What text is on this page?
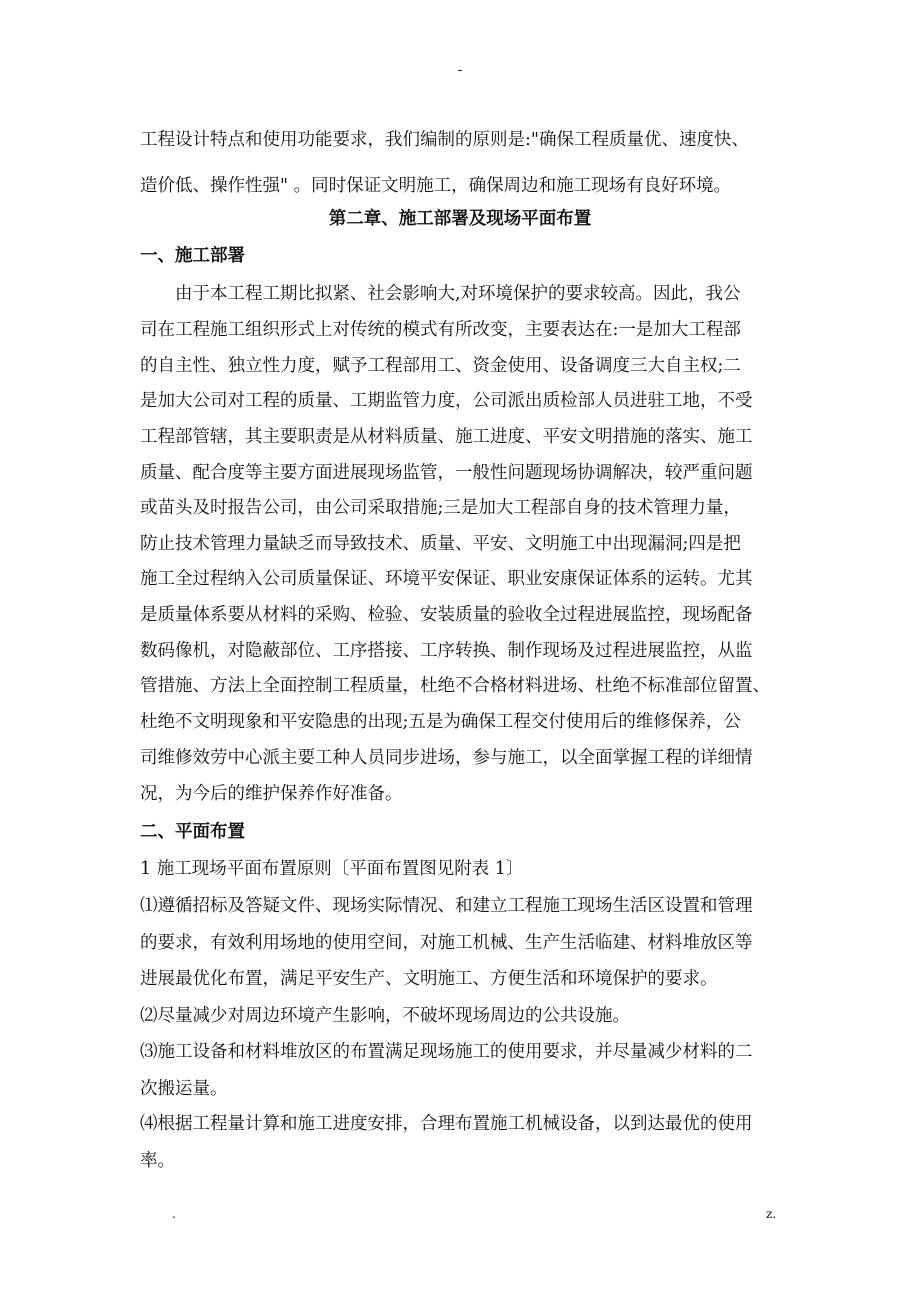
-
工程设计特点和使用功能要求，我们编制的原则是:"确保工程质量优、速度快、
造价低、操作性强" 。同时保证文明施工，确保周边和施工现场有良好环境。
第二章、施工部署及现场平面布置
一、施工部署
由于本工程工期比拟紧、社会影响大,对环境保护的要求较高。因此，我公
司在工程施工组织形式上对传统的模式有所改变，主要表达在:一是加大工程部
的自主性、独立性力度，赋予工程部用工、资金使用、设备调度三大自主权;二
是加大公司对工程的质量、工期监管力度，公司派出质检部人员进驻工地，不受
工程部管辖，其主要职责是从材料质量、施工进度、平安文明措施的落实、施工
质量、配合度等主要方面进展现场监管，一般性问题现场协调解决，较严重问题
或苗头及时报告公司，由公司采取措施;三是加大工程部自身的技术管理力量，
防止技术管理力量缺乏而导致技术、质量、平安、文明施工中出现漏洞;四是把
施工全过程纳入公司质量保证、环境平安保证、职业安康保证体系的运转。尤其
是质量体系要从材料的采购、检验、安装质量的验收全过程进展监控，现场配备
数码像机，对隐蔽部位、工序搭接、工序转换、制作现场及过程进展监控，从监
管措施、方法上全面控制工程质量，杜绝不合格材料进场、杜绝不标准部位留置、
杜绝不文明现象和平安隐患的出现;五是为确保工程交付使用后的维修保养，公
司维修效劳中心派主要工种人员同步进场，参与施工，以全面掌握工程的详细情
况，为今后的维护保养作好准备。
二、平面布置
1 施工现场平面布置原则〔平面布置图见附表 1〕
⑴遵循招标及答疑文件、现场实际情况、和建立工程施工现场生活区设置和管理
的要求，有效利用场地的使用空间，对施工机械、生产生活临建、材料堆放区等
进展最优化布置，满足平安生产、文明施工、方便生活和环境保护的要求。
⑵尽量减少对周边环境产生影响，不破坏现场周边的公共设施。
⑶施工设备和材料堆放区的布置满足现场施工的使用要求，并尽量减少材料的二
次搬运量。
⑷根据工程量计算和施工进度安排，合理布置施工机械设备，以到达最优的使用
率。
.	z.
